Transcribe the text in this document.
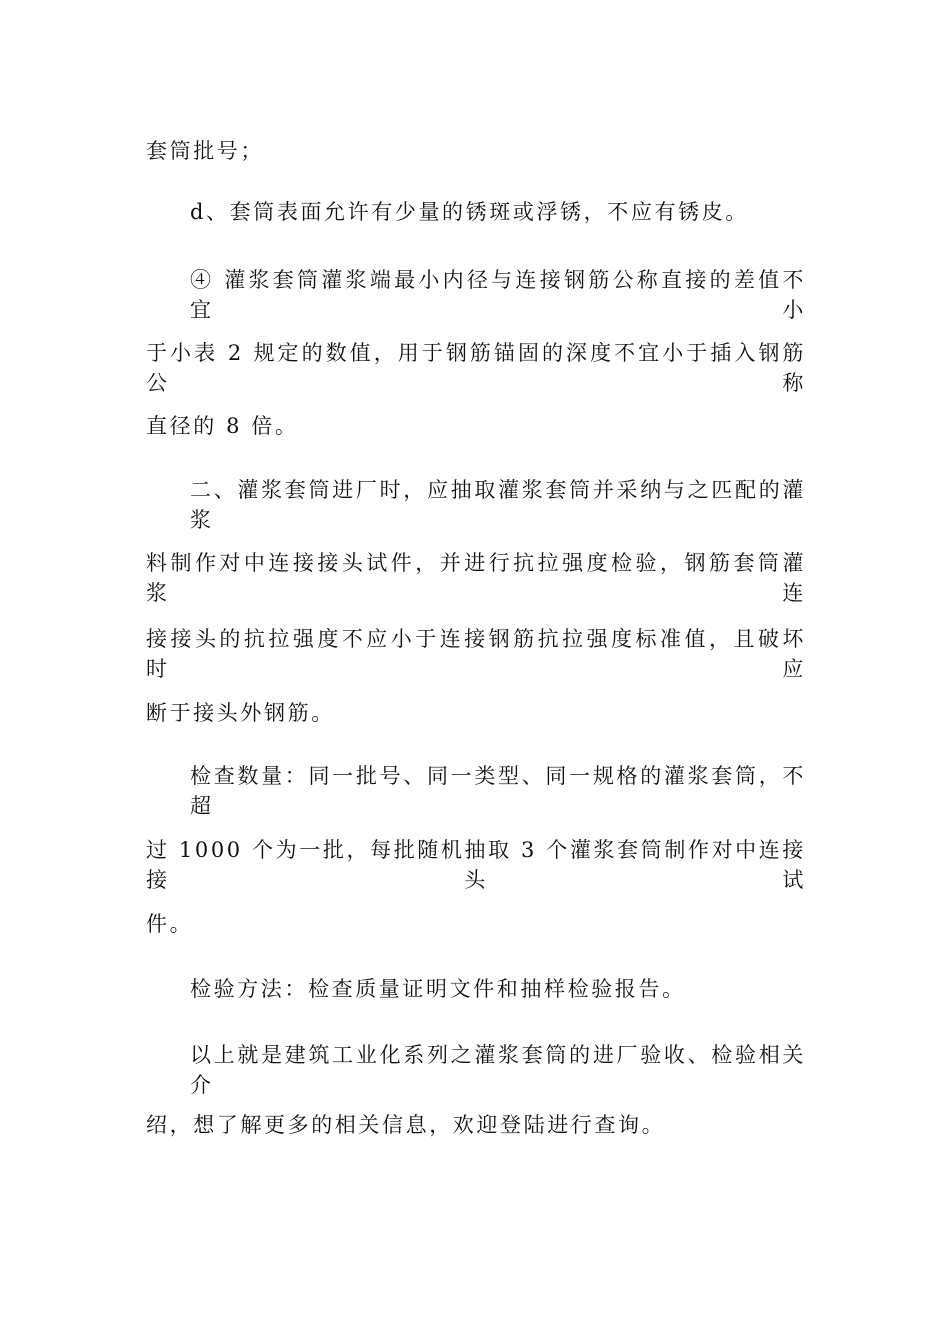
套筒批号；
d、套筒表面允许有少量的锈斑或浮锈，不应有锈皮。
④ 灌浆套筒灌浆端最小内径与连接钢筋公称直接的差值不宜小
于小表 2 规定的数值，用于钢筋锚固的深度不宜小于插入钢筋公称
直径的 8 倍。
二、灌浆套筒进厂时，应抽取灌浆套筒并采纳与之匹配的灌浆
料制作对中连接接头试件，并进行抗拉强度检验，钢筋套筒灌浆连
接接头的抗拉强度不应小于连接钢筋抗拉强度标准值，且破坏时应
断于接头外钢筋。
检查数量：同一批号、同一类型、同一规格的灌浆套筒，不超
过 1000 个为一批，每批随机抽取 3 个灌浆套筒制作对中连接接头试
件。
检验方法：检查质量证明文件和抽样检验报告。
以上就是建筑工业化系列之灌浆套筒的进厂验收、检验相关介
绍，想了解更多的相关信息，欢迎登陆进行查询。
